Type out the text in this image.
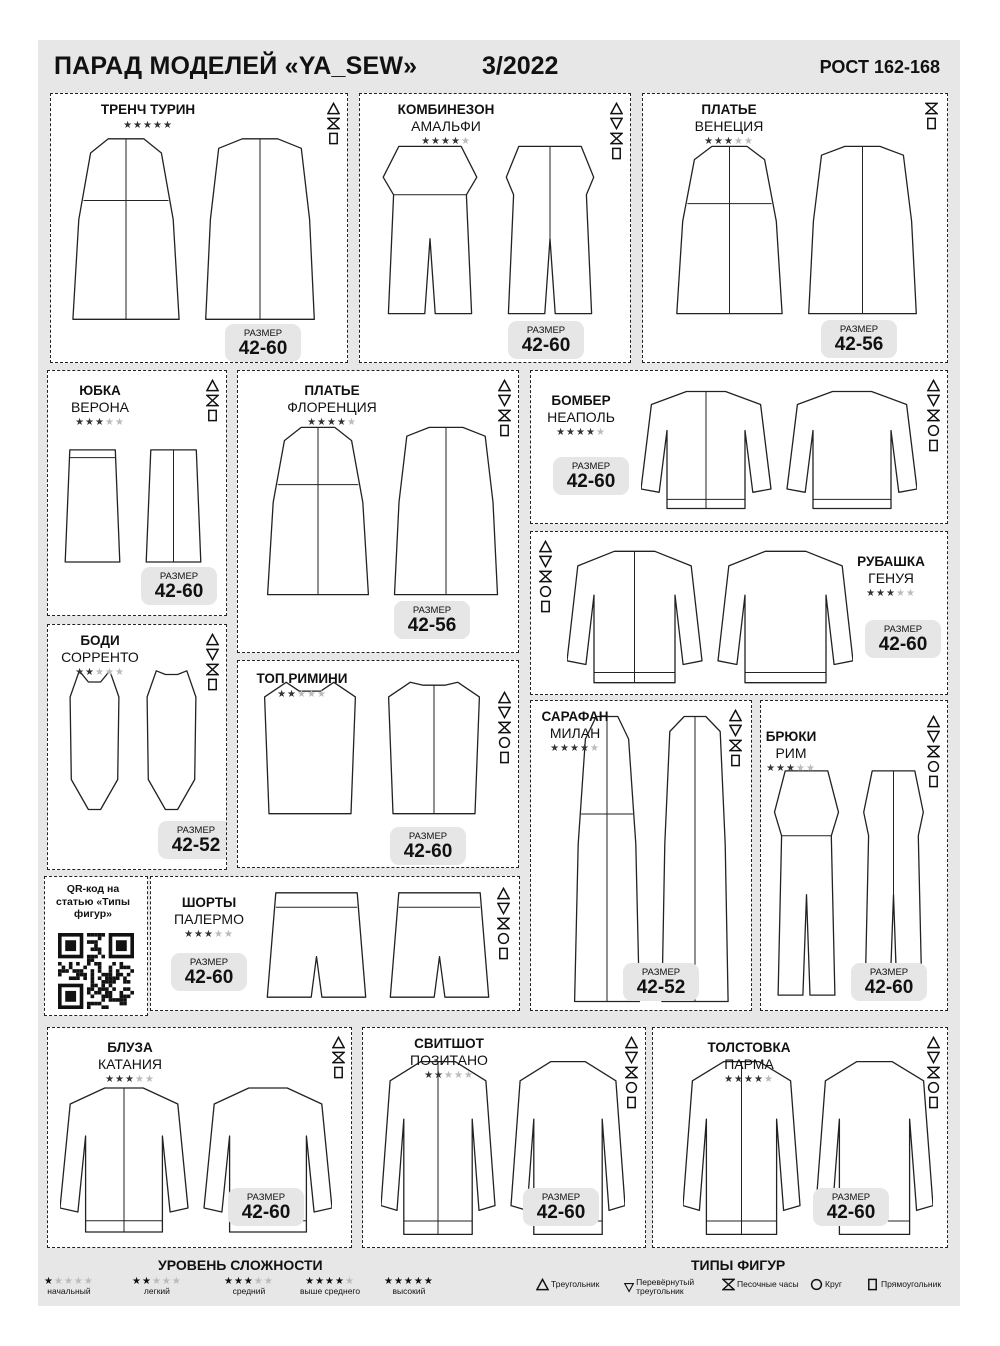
ПАРАД МОДЕЛЕЙ «YA_SEW»	3/2022	РОСТ 162-168
ТРЕНЧ ТУРИН
★★★★★
РАЗМЕР
42-60
КОМБИНЕЗОН
АМАЛЬФИ
★★★★★
РАЗМЕР
42-60
ПЛАТЬЕ
ВЕНЕЦИЯ
★★★★★
РАЗМЕР
42-56
ЮБКА
ВЕРОНА
★★★★★
РАЗМЕР
42-60
ПЛАТЬЕ
ФЛОРЕНЦИЯ
★★★★★
РАЗМЕР
42-56
БОМБЕР
НЕАПОЛЬ
★★★★★
РАЗМЕР
42-60
РУБАШКА
ГЕНУЯ
★★★★★
РАЗМЕР
42-60
БОДИ
СОРРЕНТО
★★★★★
РАЗМЕР
42-52
ТОП РИМИНИ
★★★★★
РАЗМЕР
42-60
САРАФАН
МИЛАН
★★★★★
РАЗМЕР
42-52
БРЮКИ
РИМ
★★★★★
РАЗМЕР
42-60
ШОРТЫ
ПАЛЕРМО
★★★★★
РАЗМЕР
42-60
БЛУЗА
КАТАНИЯ
★★★★★
РАЗМЕР
42-60
СВИТШОТ
ПОЗИТАНО
★★★★★
РАЗМЕР
42-60
ТОЛСТОВКА
ПАРМА
★★★★★
РАЗМЕР
42-60
QR-код на статью «Типы фигур»
УРОВЕНЬ СЛОЖНОСТИ
★★★★★
начальный
★★★★★
легкий
★★★★★
средний
★★★★★
выше среднего
★★★★★
высокий
ТИПЫ ФИГУР
Треугольник	Перевёрнутый треугольник
Песочные часы	Круг	Прямоугольник
